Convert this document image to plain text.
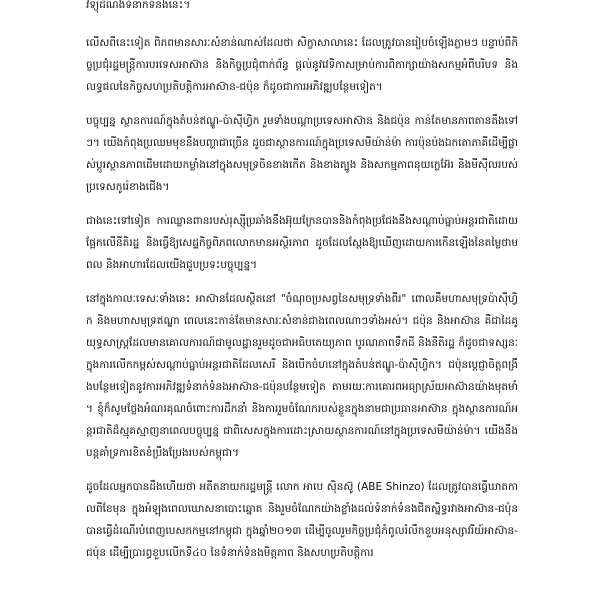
វិទ្យុដំណឹងទំនាក់ទំនងនេះ។

លើសពីនេះទៀត ពិភពមានសារៈសំខាន់ណាស់ដែលថា សិក្ខាសាលានេះ ដែលត្រូវបានរៀបចំឡើងភ្លាមៗ បន្ទាប់ពីកិច្ចប្រជុំរដ្ឋមន្ត្រីការបរទេសអាស៊ាន និងកិច្ចប្រជុំពាក់ព័ន្ធ ផ្តល់នូវវេទិកាសម្រាប់ការពិភាក្សាយ៉ាងសកម្មអំពីបរិបទ និងលទ្ធផលនៃកិច្ចសហប្រតិបត្តិការអាស៊ាន-ជប៉ុន ក៏ដូចជាការអភិវឌ្ឍបន្ថែមទៀត។

បច្ចុប្បន្ន ស្ថានការណ៍ក្នុងតំបន់ឥណ្ឌូ-ប៉ាស៊ីហ្វិក រួមទាំងបណ្តាប្រទេសអាស៊ាន និងជប៉ុន កាន់តែមានភាពតានតឹងទៅៗ។ យើងកំពុងប្រឈមមុខនឹងបញ្ហាជាច្រើន ដូចជាស្ថានការណ៍ក្នុងប្រទេសមីយ៉ាន់ម៉ា ការប៉ុនប៉ងឯកតោភាគីដើម្បីផ្លាស់ប្តូរស្ថានភាពដើមដោយកម្លាំងនៅក្នុងសមុទ្រចិនខាងកើត និងខាងត្បូង និងសកម្មភាពនុយក្លេអ៊ែរ និងមីស៊ីលរបស់ប្រទេសកូរ៉េខាងជើង។

ជាងនេះទៅទៀត ការឈ្លានពានរបស់រុស្ស៊ីប្រឆាំងនឹងអ៊ុយក្រែនបាននិងកំពុងប្រជែងនឹងសណ្តាប់ធ្នាប់អន្តរជាតិដោយផ្អែកលើនីតិរដ្ឋ និងធ្វើឱ្យសេដ្ឋកិច្ចពិភពលោកមានអស្ថិរភាព ដូចដែលស្តែងឱ្យឃើញដោយការកើនឡើងនៃតម្លៃថាមពល និងអាហារដែលយើងជួបប្រទះបច្ចុប្បន្ន។

នៅក្នុងកាលៈទេសៈទាំងនេះ អាស៊ានដែលស្ថិតនៅ "ចំណុចប្រសព្វនៃសមុទ្រទាំងពីរ" ពោលគឺមហាសមុទ្រប៉ាស៊ីហ្វិក និងមហាសមុទ្រឥណ្ឌា ពេលនេះកាន់តែមានសារៈសំខាន់ជាងពេលណាៗទាំងអស់។ ជប៉ុន និងអាស៊ាន គឺជាដៃគូយុទ្ធសាស្ត្រដែលមានគោលការណ៍ជាមូលដ្ឋានរួមដូចជាអធិបតេយ្យភាព បូរណភាពទឹកដី និងនីតិរដ្ឋ ក៏ដូចជាទស្សនៈក្នុងការលើកកម្ពស់សណ្តាប់ធ្នាប់អន្តរជាតិដែលសេរី និងបើកចំហនៅក្នុងតំបន់ឥណ្ឌូ-ប៉ាស៊ីហ្វិក។ ជប៉ុនប្តេជ្ញាចិត្តពង្រឹងបន្ថែមទៀតនូវការអភិវឌ្ឍទំនាក់ទំនងអាស៊ាន-ជប៉ុនបន្ថែមទៀត តាមរយៈការគោរពអធ្យាស្រ័យអាស៊ានយ៉ាងមុតមាំ។ ខ្ញុំក៏សូមថ្លែងអំណរគុណចំពោះការដឹកនាំ និងការរួមចំណែករបស់ខ្លួនក្នុងនាមជាប្រធានអាស៊ាន ក្នុងស្ថានការណ៍អន្តរជាតិដ៏ស្មុគស្មាញនាពេលបច្ចុប្បន្ន ជាពិសេសក្នុងការដោះស្រាយស្ថានការណ៍នៅក្នុងប្រទេសមីយ៉ាន់ម៉ា។ យើងនឹងបន្តគាំទ្រការខិតខំប្រឹងប្រែងរបស់កម្ពុជា។

ដូចដែលអ្នកបានដឹងហើយថា អតីតនាយករដ្ឋមន្ត្រី លោក អាបេ ស៊ិនស៊ូ (ABE Shinzo) ដែលត្រូវបានធ្វើឃាតកាលពីខែមុន ក្នុងអំឡុងពេលឃោសនាបោះឆ្នោត និងរួមចំណែកយ៉ាងខ្លាំងដល់ទំនាក់ទំនងជិតស្និទ្ធរវាងអាស៊ាន-ជប៉ុន បានធ្វើដំណើរបំពេញបេសកកម្មនៅកម្ពុជា ក្នុងឆ្នាំ២០១៣ ដើម្បីចូលរួមកិច្ចប្រជុំកំពូលរំលឹកខួបអនុស្សាវរីយ៍អាស៊ាន-ជប៉ុន ដើម្បីប្រារព្ធខួបលើកទី៤០ នៃទំនាក់ទំនងមិត្តភាព និងសហប្រតិបត្តិការ
